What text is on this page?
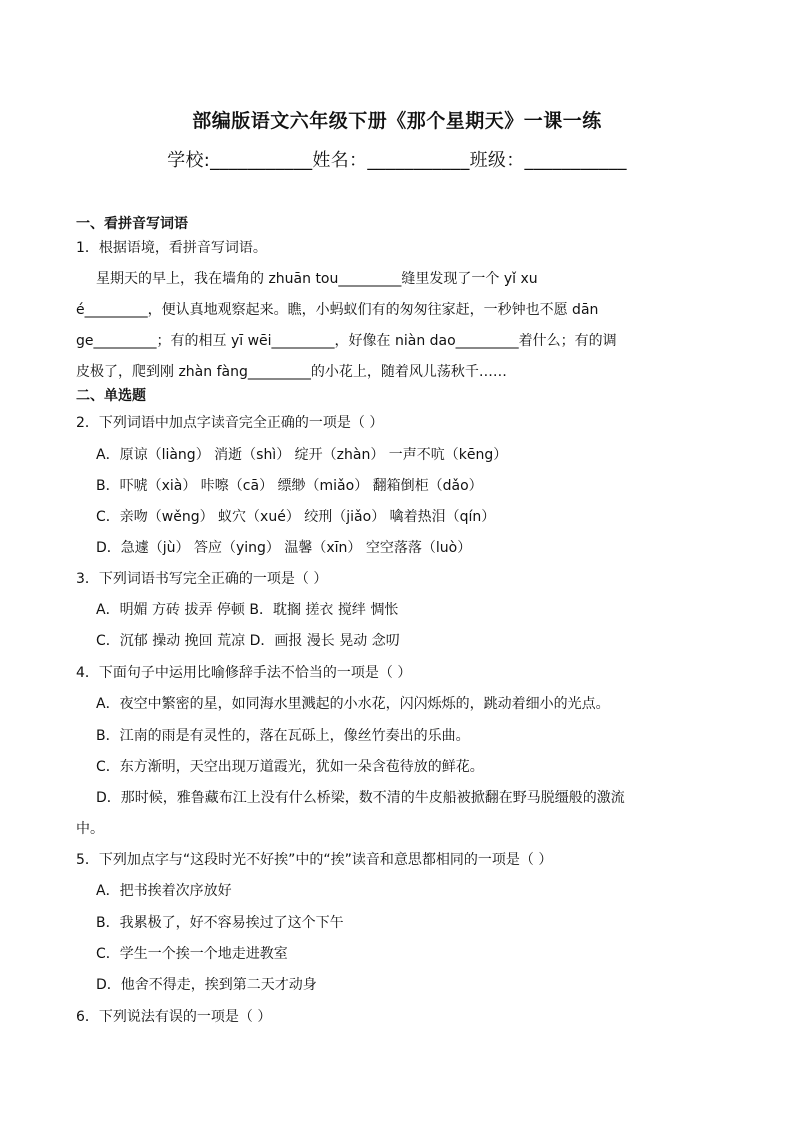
部编版语文六年级下册《那个星期天》一课一练
学校:___________姓名：___________班级：___________
一、看拼音写词语
1．根据语境，看拼音写词语。
星期天的早上，我在墙角的 zhuān tou_________缝里发现了一个 yǐ xu
é_________，便认真地观察起来。瞧，小蚂蚁们有的匆匆往家赶，一秒钟也不愿 dān
ge_________；有的相互 yī wēi_________，好像在 niàn dao_________着什么；有的调
皮极了，爬到刚 zhàn fàng_________的小花上，随着风儿荡秋千……
二、单选题
2．下列词语中加点字读音完全正确的一项是（ ）
A．原谅（liàng） 消逝（shì） 绽开（zhàn） 一声不吭（kēng）
B．吓唬（xià） 咔嚓（cā） 缥缈（miǎo） 翻箱倒柜（dǎo）
C．亲吻（wěng） 蚁穴（xué） 绞刑（jiǎo） 噙着热泪（qín）
D．急遽（jù） 答应（ying） 温馨（xīn） 空空落落（luò）
3．下列词语书写完全正确的一项是（ ）
A．明媚 方砖 拔弄 停顿 B．耽搁 搓衣 搅绊 惆怅
C．沉郁 操动 挽回 荒凉 D．画报 漫长 晃动 念叨
4．下面句子中运用比喻修辞手法不恰当的一项是（ ）
A．夜空中繁密的星，如同海水里溅起的小水花，闪闪烁烁的，跳动着细小的光点。
B．江南的雨是有灵性的，落在瓦砾上，像丝竹奏出的乐曲。
C．东方渐明，天空出现万道霞光，犹如一朵含苞待放的鲜花。
D．那时候，雅鲁藏布江上没有什么桥梁，数不清的牛皮船被掀翻在野马脱缰般的激流
中。
5．下列加点字与“这段时光不好挨”中的“挨”读音和意思都相同的一项是（ ）
A．把书挨着次序放好
B．我累极了，好不容易挨过了这个下午
C．学生一个挨一个地走进教室
D．他舍不得走，挨到第二天才动身
6．下列说法有误的一项是（ ）
